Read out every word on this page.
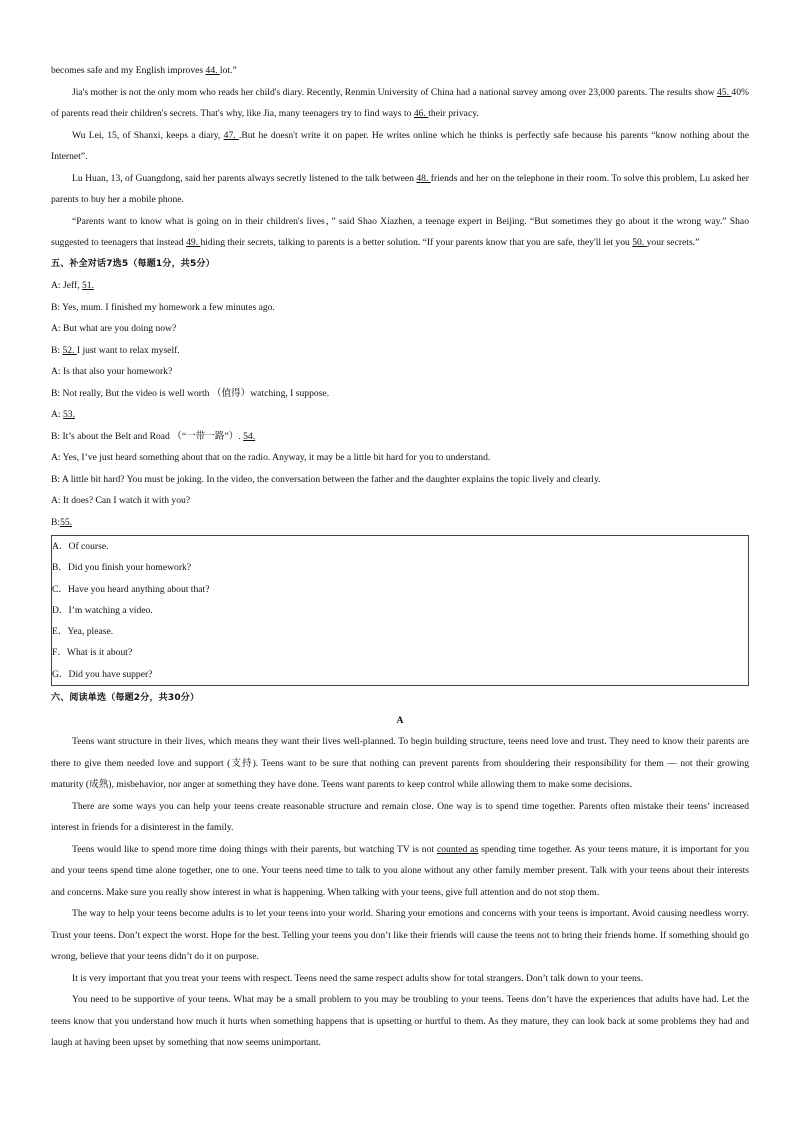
becomes safe and my English improves 44. lot.”

Jia's mother is not the only mom who reads her child's diary. Recently, Renmin University of China had a national survey among over 23,000 parents. The results show 45. 40% of parents read their children's secrets. That's why, like Jia, many teenagers try to find ways to 46. their privacy.

Wu Lei, 15, of Shanxi, keeps a diary, 47. .But he doesn't write it on paper. He writes online which he thinks is perfectly safe because his parents “know nothing about the Internet”.

Lu Huan, 13, of Guangdong, said her parents always secretly listened to the talk between 48. friends and her on the telephone in their room. To solve this problem, Lu asked her parents to buy her a mobile phone.

“Parents want to know what is going on in their children's lives，” said Shao Xiazhen, a teenage expert in Beijing. “But sometimes they go about it the wrong way.” Shao suggested to teenagers that instead 49. hiding their secrets, talking to parents is a better solution. “If your parents know that you are safe, they'll let you 50. your secrets.”

五、补全对话7选5（每题1分，共5分）

A: Jeff, 51.

B: Yes, mum. I finished my homework a few minutes ago.

A: But what are you doing now?

B: 52. I just want to relax myself.

A: Is that also your homework?

B: Not really, But the video is well worth （值得）watching, I suppose.

A: 53.

B: It’s about the Belt and Road （“一带一路”）. 54.

A: Yes, I’ve just heard something about that on the radio. Anyway, it may be a little bit hard for you to understand.

B: A little bit hard? You must be joking. In the video, the conversation between the father and the daughter explains the topic lively and clearly.

A: It does? Can I watch it with you?

B:55.

A．Of course.

B．Did you finish your homework?

C．Have you heard anything about that?

D．I’m watching a video.

E．Yea, please.

F．What is it about?

G．Did you have supper?

六、阅读单选（每题2分，共30分）

A

Teens want structure in their lives, which means they want their lives well-planned. To begin building structure, teens need love and trust. They need to know their parents are there to give them needed love and support (支持). Teens want to be sure that nothing can prevent parents from shouldering their responsibility for them — not their growing maturity (成熟), misbehavior, nor anger at something they have done. Teens want parents to keep control while allowing them to make some decisions.

There are some ways you can help your teens create reasonable structure and remain close. One way is to spend time together. Parents often mistake their teens’ increased interest in friends for a disinterest in the family.

Teens would like to spend more time doing things with their parents, but watching TV is not counted as spending time together. As your teens mature, it is important for you and your teens spend time alone together, one to one. Your teens need time to talk to you alone without any other family member present. Talk with your teens about their interests and concerns. Make sure you really show interest in what is happening. When talking with your teens, give full attention and do not stop them.

The way to help your teens become adults is to let your teens into your world. Sharing your emotions and concerns with your teens is important. Avoid causing needless worry. Trust your teens. Don’t expect the worst. Hope for the best. Telling your teens you don’t like their friends will cause the teens not to bring their friends home. If something should go wrong, believe that your teens didn’t do it on purpose.

It is very important that you treat your teens with respect. Teens need the same respect adults show for total strangers. Don’t talk down to your teens.

You need to be supportive of your teens. What may be a small problem to you may be troubling to your teens. Teens don’t have the experiences that adults have had. Let the teens know that you understand how much it hurts when something happens that is upsetting or hurtful to them. As they mature, they can look back at some problems they had and laugh at having been upset by something that now seems unimportant.
